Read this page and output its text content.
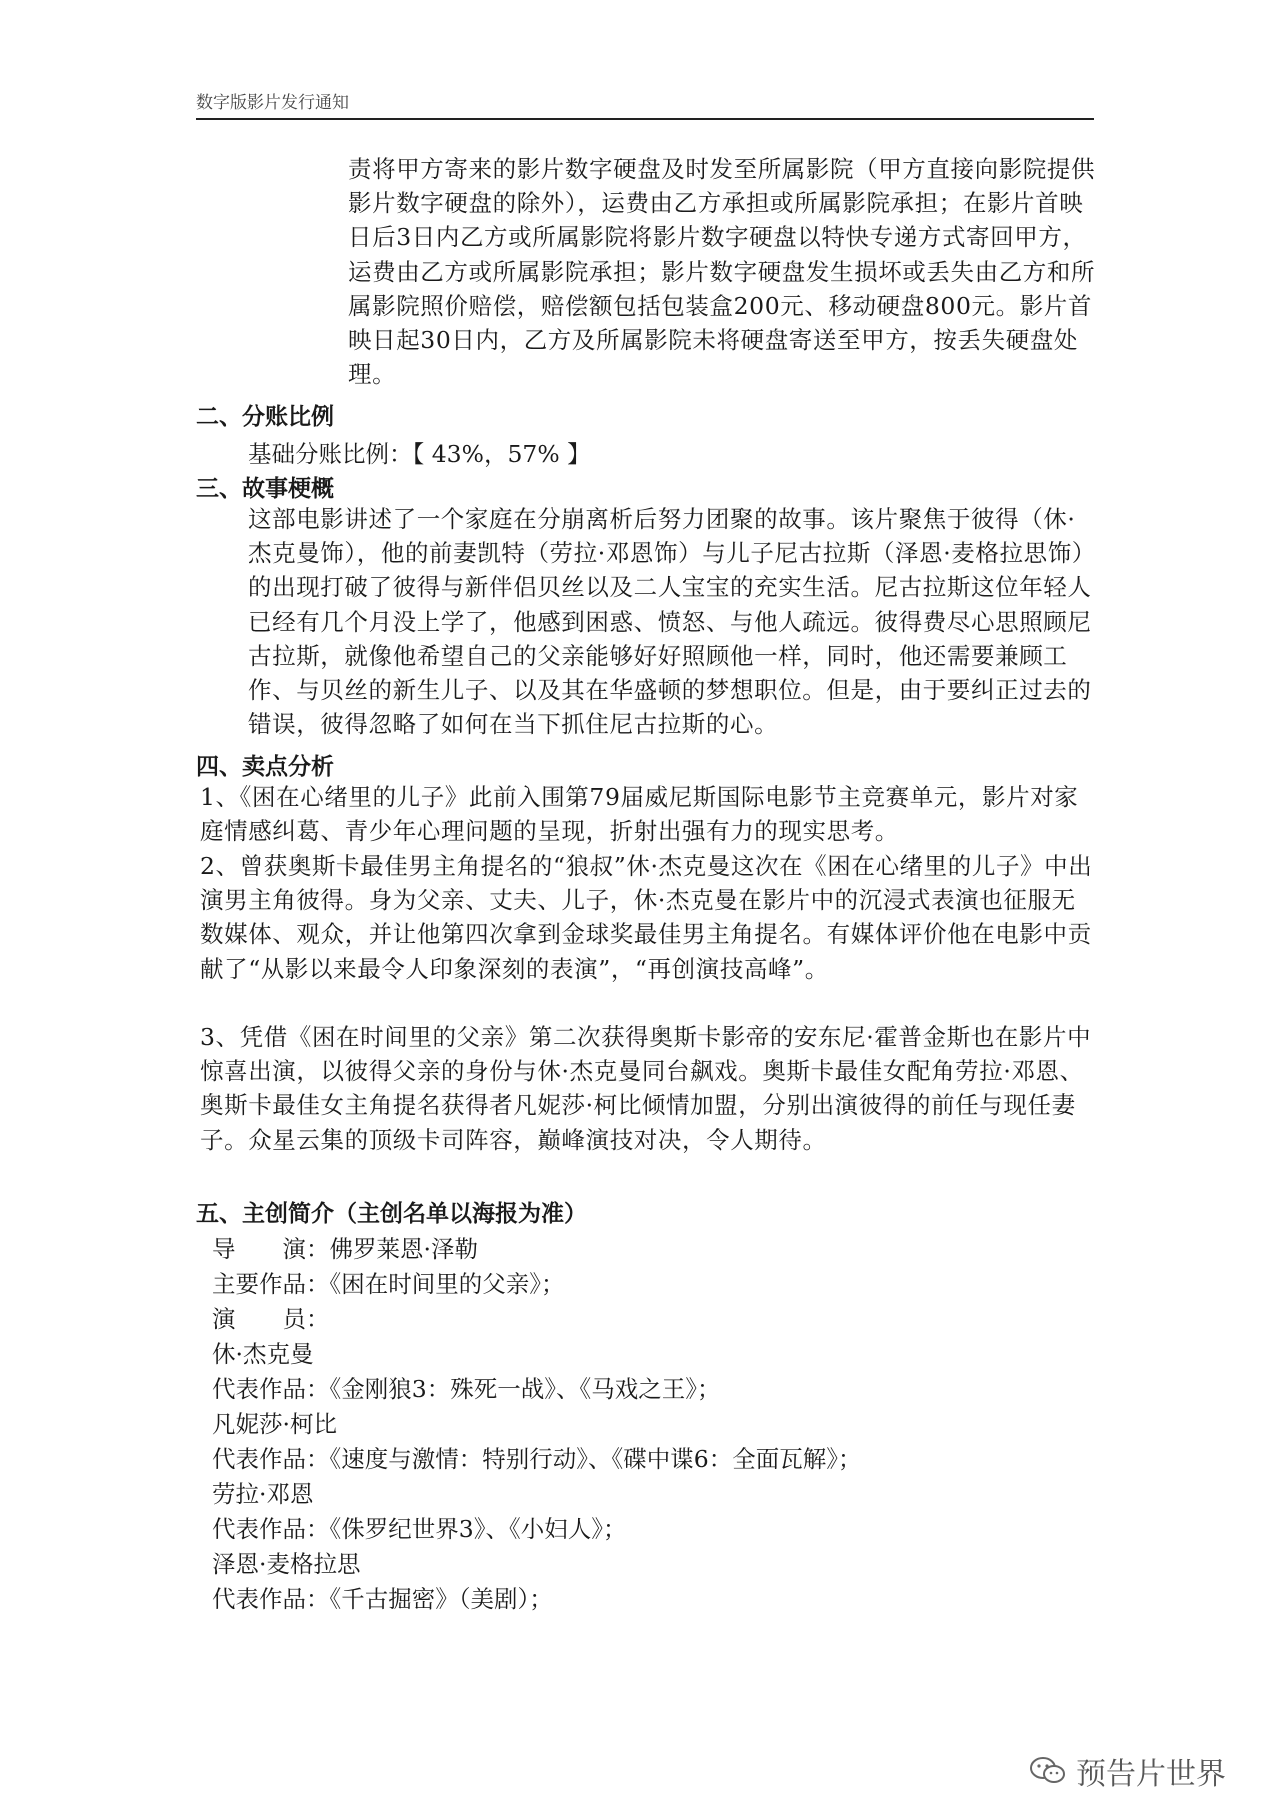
数字版影片发行通知
责将甲方寄来的影片数字硬盘及时发至所属影院（甲方直接向影院提供影片数字硬盘的除外），运费由乙方承担或所属影院承担；在影片首映日后3日内乙方或所属影院将影片数字硬盘以特快专递方式寄回甲方，运费由乙方或所属影院承担；影片数字硬盘发生损坏或丢失由乙方和所属影院照价赔偿，赔偿额包括包装盒200元、移动硬盘800元。影片首映日起30日内，乙方及所属影院未将硬盘寄送至甲方，按丢失硬盘处理。
二、分账比例
基础分账比例：【 43%，57% 】
三、故事梗概
这部电影讲述了一个家庭在分崩离析后努力团聚的故事。该片聚焦于彼得（休·杰克曼饰），他的前妻凯特（劳拉·邓恩饰）与儿子尼古拉斯（泽恩·麦格拉思饰）的出现打破了彼得与新伴侣贝丝以及二人宝宝的充实生活。尼古拉斯这位年轻人已经有几个月没上学了，他感到困惑、愤怒、与他人疏远。彼得费尽心思照顾尼古拉斯，就像他希望自己的父亲能够好好照顾他一样，同时，他还需要兼顾工作、与贝丝的新生儿子、以及其在华盛顿的梦想职位。但是，由于要纠正过去的错误，彼得忽略了如何在当下抓住尼古拉斯的心。
四、卖点分析
1、《困在心绪里的儿子》此前入围第79届威尼斯国际电影节主竞赛单元，影片对家庭情感纠葛、青少年心理问题的呈现，折射出强有力的现实思考。
2、曾获奥斯卡最佳男主角提名的“狼叔”休·杰克曼这次在《困在心绪里的儿子》中出演男主角彼得。身为父亲、丈夫、儿子，休·杰克曼在影片中的沉浸式表演也征服无数媒体、观众，并让他第四次拿到金球奖最佳男主角提名。有媒体评价他在电影中贡献了“从影以来最令人印象深刻的表演”，“再创演技高峰”。
3、凭借《困在时间里的父亲》第二次获得奥斯卡影帝的安东尼·霍普金斯也在影片中惊喜出演，以彼得父亲的身份与休·杰克曼同台飙戏。奥斯卡最佳女配角劳拉·邓恩、奥斯卡最佳女主角提名获得者凡妮莎·柯比倾情加盟，分别出演彼得的前任与现任妻子。众星云集的顶级卡司阵容，巅峰演技对决，令人期待。
五、主创简介（主创名单以海报为准）
导　　演：佛罗莱恩·泽勒
主要作品：《困在时间里的父亲》；
演　　员：
休·杰克曼
代表作品：《金刚狼3：殊死一战》、《马戏之王》；
凡妮莎·柯比
代表作品：《速度与激情：特别行动》、《碟中谍6：全面瓦解》；
劳拉·邓恩
代表作品：《侏罗纪世界3》、《小妇人》；
泽恩·麦格拉思
代表作品：《千古掘密》（美剧）；
预告片世界
